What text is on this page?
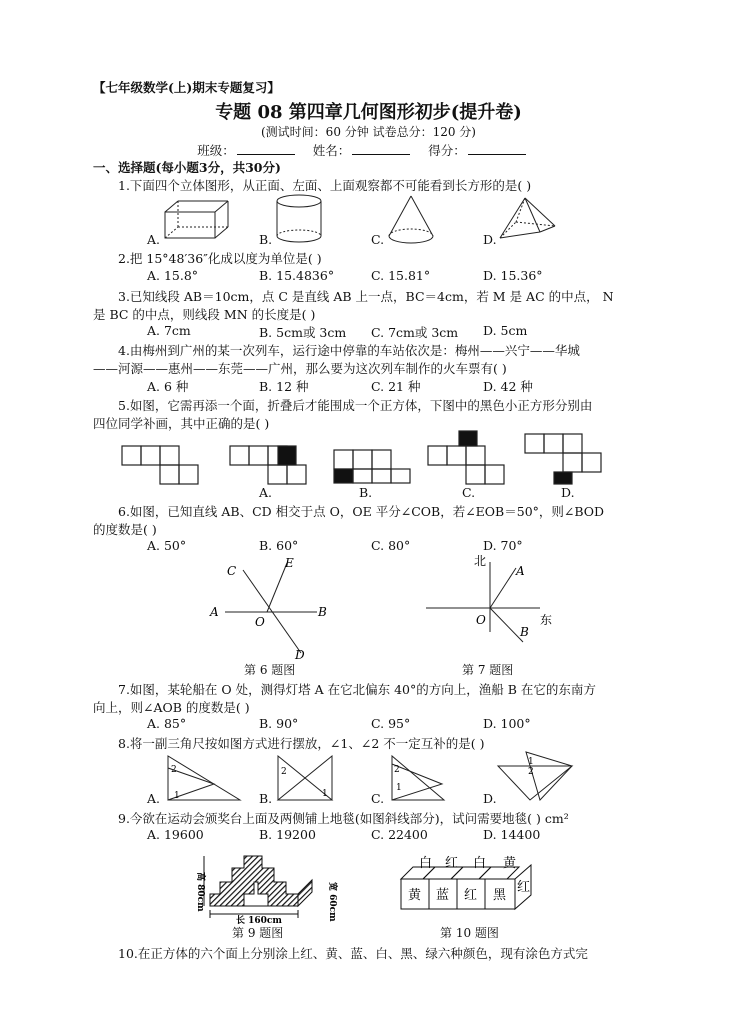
【七年级数学(上)期末专题复习】
专题 08 第四章几何图形初步(提升卷)
(测试时间：60 分钟 试卷总分：120 分)
班级：	姓名：	得分：
一、选择题(每小题3分，共30分)
1.下面四个立体图形，从正面、左面、上面观察都不可能看到长方形的是( )
A.	B.	C.	D.
2.把 15°48′36″化成以度为单位是( )
A. 15.8°	B. 15.4836°	C. 15.81°	D. 15.36°
3.已知线段 AB＝10cm，点 C 是直线 AB 上一点，BC＝4cm，若 M 是 AC 的中点， N
是 BC 的中点，则线段 MN 的长度是( )
A. 7cm	B. 5cm或 3cm C. 7cm或 3cm D. 5cm
4.由梅州到广州的某一次列车，运行途中停靠的车站依次是：梅州——兴宁——华城
——河源——惠州——东莞——广州，那么要为这次列车制作的火车票有( )
A. 6 种	B. 12 种	C. 21 种	D. 42 种
5.如图，它需再添一个面，折叠后才能围成一个正方体，下图中的黑色小正方形分别由
四位同学补画，其中正确的是( )
A.	B.	C.	D.
6.如图，已知直线 AB、CD 相交于点 O，OE 平分∠COB，若∠EOB＝50°，则∠BOD
的度数是( )
A. 50°	B. 60°	C. 80°	D. 70°
C
E
A
O
B
D
第 6 题图
北
A
O	东
B
第 7 题图
7.如图，某轮船在 O 处，测得灯塔 A 在它北偏东 40°的方向上，渔船 B 在它的东南方
向上，则∠AOB 的度数是( )
A. 85°	B. 90°	C. 95°	D. 100°
8.将一副三角尺按如图方式进行摆放，∠1、∠2 不一定互补的是( )
2
1
2
1
2
1
1
2
A.	B.	C.	D.
9.今欲在运动会颁奖台上面及两侧铺上地毯(如图斜线部分)，试问需要地毯( ) cm²
A. 19600	B. 19200	C. 22400	D. 14400
高 80cm	宽 60cm
长 160cm
第 9 题图
白 红 白 黄
黄 蓝 红 黑
红
第 10 题图
10.在正方体的六个面上分别涂上红、黄、蓝、白、黑、绿六种颜色，现有涂色方式完
